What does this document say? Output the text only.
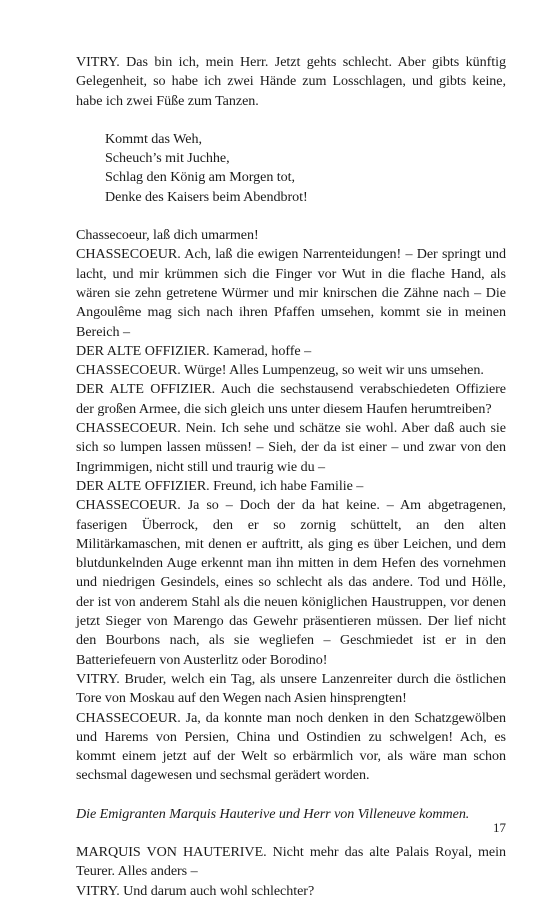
VITRY. Das bin ich, mein Herr. Jetzt gehts schlecht. Aber gibts künftig Gelegenheit, so habe ich zwei Hände zum Losschlagen, und gibts keine, habe ich zwei Füße zum Tanzen.

Kommt das Weh,
Scheuch’s mit Juchhe,
Schlag den König am Morgen tot,
Denke des Kaisers beim Abendbrot!

Chassecoeur, laß dich umarmen!

CHASSECOEUR. Ach, laß die ewigen Narrenteidungen! – Der springt und lacht, und mir krümmen sich die Finger vor Wut in die flache Hand, als wären sie zehn getretene Würmer und mir knirschen die Zähne nach – Die Angoulême mag sich nach ihren Pfaffen umsehen, kommt sie in meinen Bereich –

DER ALTE OFFIZIER. Kamerad, hoffe –

CHASSECOEUR. Würge! Alles Lumpenzeug, so weit wir uns umsehen.

DER ALTE OFFIZIER. Auch die sechstausend verabschiedeten Offiziere der großen Armee, die sich gleich uns unter diesem Haufen herumtreiben?

CHASSECOEUR. Nein. Ich sehe und schätze sie wohl. Aber daß auch sie sich so lumpen lassen müssen! – Sieh, der da ist einer – und zwar von den Ingrimmigen, nicht still und traurig wie du –

DER ALTE OFFIZIER. Freund, ich habe Familie –

CHASSECOEUR. Ja so – Doch der da hat keine. – Am abgetragenen, faserigen Überrock, den er so zornig schüttelt, an den alten Militärkamaschen, mit denen er auftritt, als ging es über Leichen, und dem blutdunkelnden Auge erkennt man ihn mitten in dem Hefen des vornehmen und niedrigen Gesindels, eines so schlecht als das andere. Tod und Hölle, der ist von anderem Stahl als die neuen königlichen Haustruppen, vor denen jetzt Sieger von Marengo das Gewehr präsentieren müssen. Der lief nicht den Bourbons nach, als sie wegliefen – Geschmiedet ist er in den Batteriefeuern von Austerlitz oder Borodino!

VITRY. Bruder, welch ein Tag, als unsere Lanzenreiter durch die östlichen Tore von Moskau auf den Wegen nach Asien hinsprengten!

CHASSECOEUR. Ja, da konnte man noch denken in den Schatzgewölben und Harems von Persien, China und Ostindien zu schwelgen! Ach, es kommt einem jetzt auf der Welt so erbärmlich vor, als wäre man schon sechsmal dagewesen und sechsmal gerädert worden.

Die Emigranten Marquis Hauterive und Herr von Villeneuve kommen.

MARQUIS VON HAUTERIVE. Nicht mehr das alte Palais Royal, mein Teurer. Alles anders –

VITRY. Und darum auch wohl schlechter?

17
